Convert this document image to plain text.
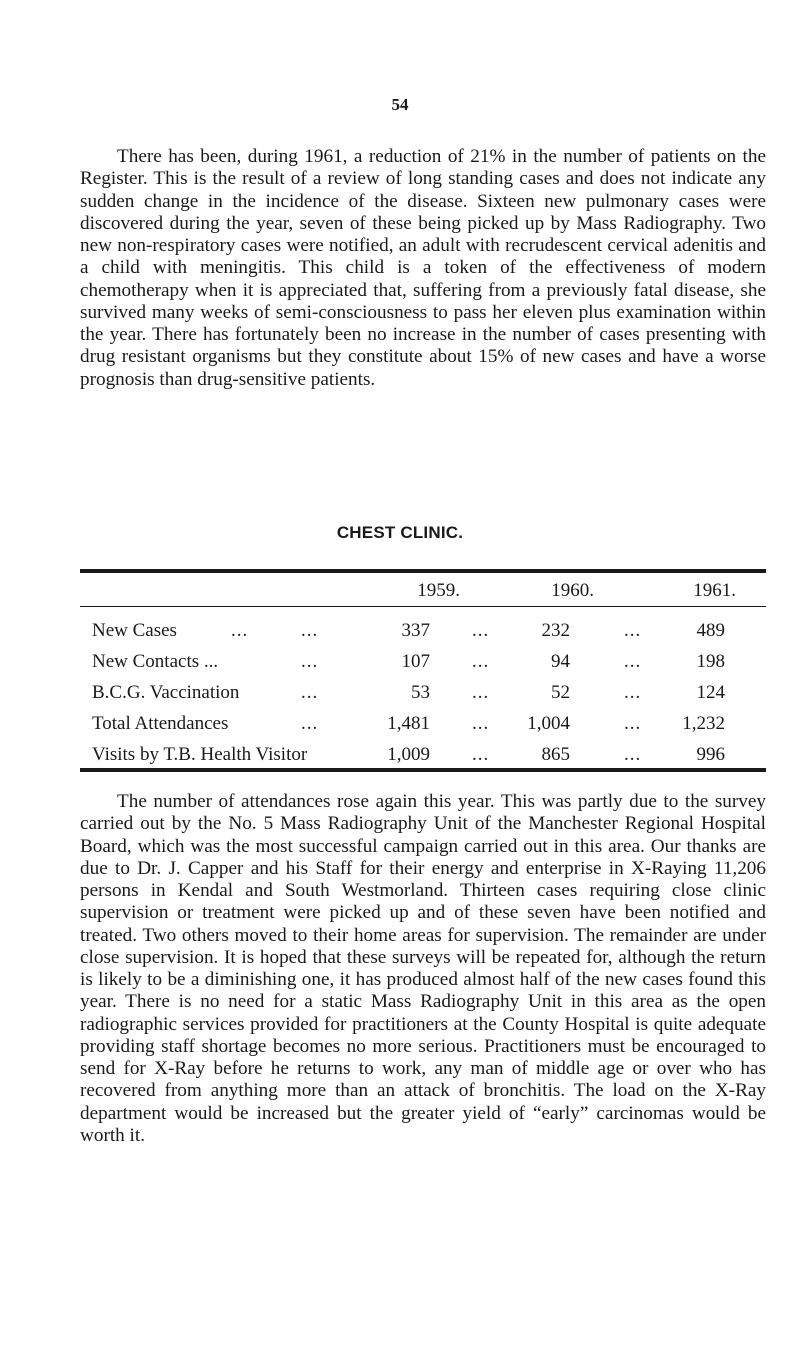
54

There has been, during 1961, a reduction of 21% in the number of patients on the Register. This is the result of a review of long standing cases and does not indicate any sudden change in the incidence of the disease. Sixteen new pulmonary cases were discovered during the year, seven of these being picked up by Mass Radiography. Two new non-respiratory cases were notified, an adult with recrudescent cervical adenitis and a child with meningitis. This child is a token of the effectiveness of modern chemotherapy when it is appreciated that, suffering from a previously fatal disease, she survived many weeks of semi-consciousness to pass her eleven plus examination within the year. There has fortunately been no increase in the number of cases presenting with drug resistant organisms but they constitute about 15% of new cases and have a worse prognosis than drug-sensitive patients.

CHEST CLINIC.
1959.	1960.	1961.
New Cases	...	...	337 ...	232	...	489
New Contacts ...	...	107 ...	94	...	198
B.C.G. Vaccination	...	53 ...	52	...	124
Total Attendances	...	1,481 ...	1,004	...	1,232
Visits by T.B. Health Visitor	1,009 ...	865	...	996

The number of attendances rose again this year. This was partly due to the survey carried out by the No. 5 Mass Radiography Unit of the Manchester Regional Hospital Board, which was the most successful campaign carried out in this area. Our thanks are due to Dr. J. Capper and his Staff for their energy and enterprise in X-Raying 11,206 persons in Kendal and South Westmorland. Thirteen cases requiring close clinic supervision or treatment were picked up and of these seven have been notified and treated. Two others moved to their home areas for supervision. The remainder are under close supervision. It is hoped that these surveys will be repeated for, although the return is likely to be a diminishing one, it has produced almost half of the new cases found this year. There is no need for a static Mass Radiography Unit in this area as the open radiographic services provided for practitioners at the County Hospital is quite adequate providing staff shortage becomes no more serious. Practitioners must be encouraged to send for X-Ray before he returns to work, any man of middle age or over who has recovered from anything more than an attack of bronchitis. The load on the X-Ray department would be increased but the greater yield of “early” carcinomas would be worth it.
